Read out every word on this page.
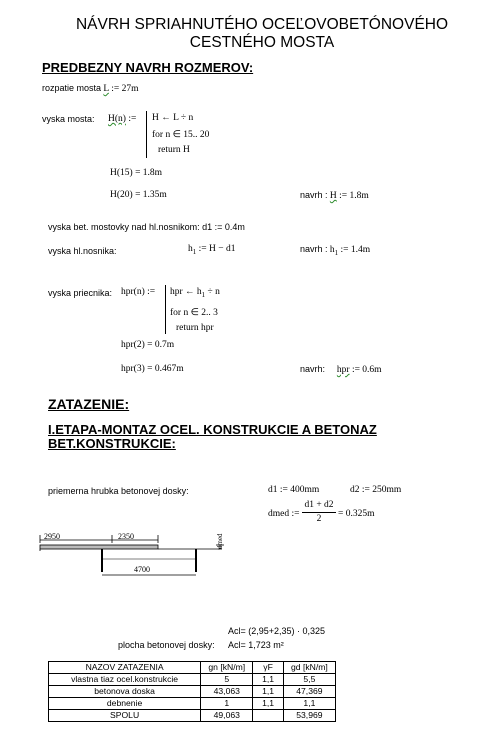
NÁVRH SPRIAHNUTÉHO OCEĽOVOBETÓNOVÉHO
CESTNÉHO MOSTA
PREDBEZNY NAVRH ROZMEROV:
rozpatie mosta L := 27m
vyska mosta: H(n) := H ← L ÷ n
for n ∈ 15.. 20
return H
H(15) = 1.8m
H(20) = 1.35m	navrh : H := 1.8m
vyska bet. mostovky nad hl.nosnikom: d1 := 0.4m
vyska hl.nosnika:	$h_1$ := H − d1	navrh : $h_1$ := 1.4m
vyska priecnika: hpr(n) := hpr ← $h_1 \div n$
for n ∈ 2.. 3
return hpr
hpr(2) = 0.7m
hpr(3) = 0.467m	navrh: hpr := 0.6m
ZATAZENIE:
I.ETAPA-MONTAZ OCEL. KONSTRUKCIE A BETONAZ
BET.KONSTRUKCIE:
priemerna hrubka betonovej dosky:	d1 := 400mm	d2 := 250mm
dmed :=
d1 + d2
2	= 0.325m
2950	2350
4700
dmed
Acl= (2,95+2,35) · 0,325
plocha betonovej dosky: Acl= 1,723 m²
NAZOV ZATAZENIA	gn [kN/m]	γF	gd [kN/m]
vlastna tiaz ocel.konstrukcie	5	1,1	5,5
betonova doska	43,063	1,1	47,369
debnenie	1	1,1	1,1
SPOLU	49,063		53,969
